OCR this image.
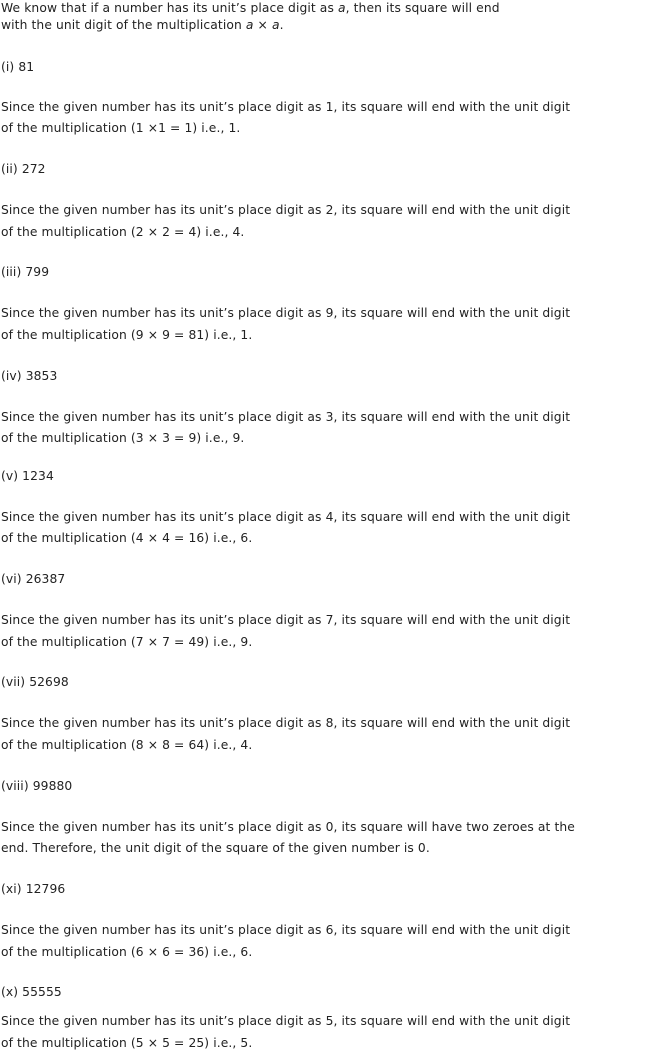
We know that if a number has its unit’s place digit as a, then its square will end
with the unit digit of the multiplication a × a.
(i) 81
Since the given number has its unit’s place digit as 1, its square will end with the unit digit
of the multiplication (1 ×1 = 1) i.e., 1.
(ii) 272
Since the given number has its unit’s place digit as 2, its square will end with the unit digit
of the multiplication (2 × 2 = 4) i.e., 4.
(iii) 799
Since the given number has its unit’s place digit as 9, its square will end with the unit digit
of the multiplication (9 × 9 = 81) i.e., 1.
(iv) 3853
Since the given number has its unit’s place digit as 3, its square will end with the unit digit
of the multiplication (3 × 3 = 9) i.e., 9.
(v) 1234
Since the given number has its unit’s place digit as 4, its square will end with the unit digit
of the multiplication (4 × 4 = 16) i.e., 6.
(vi) 26387
Since the given number has its unit’s place digit as 7, its square will end with the unit digit
of the multiplication (7 × 7 = 49) i.e., 9.
(vii) 52698
Since the given number has its unit’s place digit as 8, its square will end with the unit digit
of the multiplication (8 × 8 = 64) i.e., 4.
(viii) 99880
Since the given number has its unit’s place digit as 0, its square will have two zeroes at the
end. Therefore, the unit digit of the square of the given number is 0.
(xi) 12796
Since the given number has its unit’s place digit as 6, its square will end with the unit digit
of the multiplication (6 × 6 = 36) i.e., 6.
(x) 55555
Since the given number has its unit’s place digit as 5, its square will end with the unit digit
of the multiplication (5 × 5 = 25) i.e., 5.
